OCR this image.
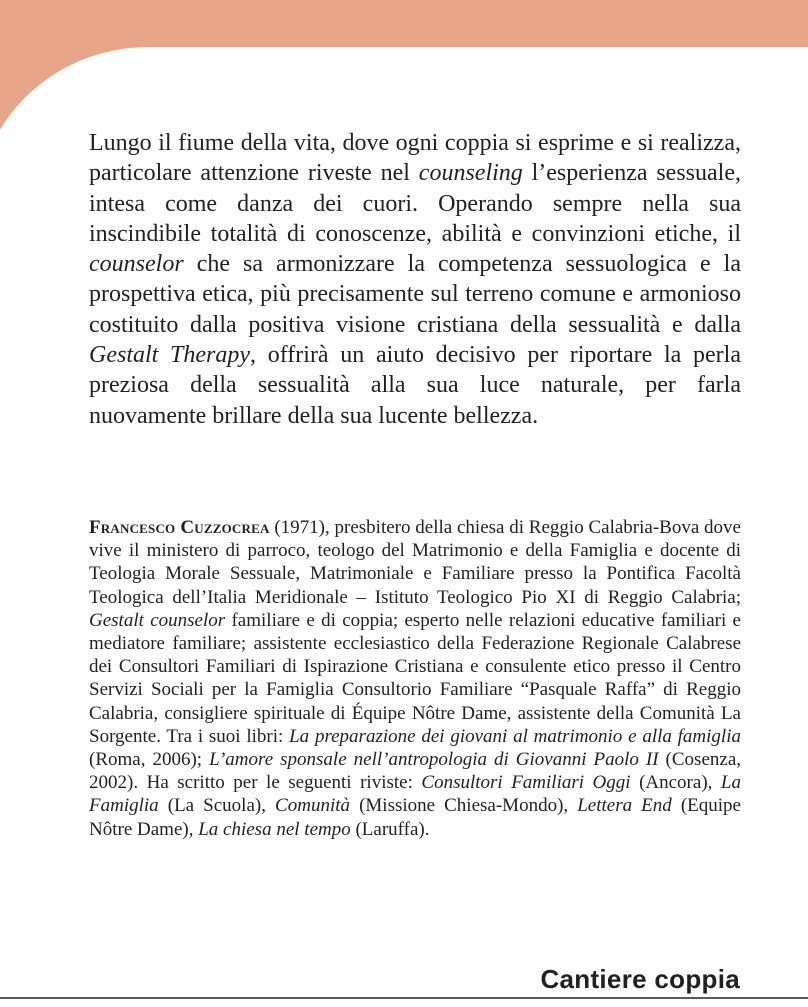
Lungo il fiume della vita, dove ogni coppia si esprime e si realizza, particolare attenzione riveste nel counseling l’esperienza sessuale, intesa come danza dei cuori. Operando sempre nella sua inscindibile totalità di conoscenze, abilità e convinzioni etiche, il counselor che sa armonizzare la competenza sessuologica e la prospettiva etica, più precisamente sul terreno comune e armonioso costituito dalla positiva visione cristiana della sessualità e dalla Gestalt Therapy, offrirà un aiuto decisivo per riportare la perla preziosa della sessualità alla sua luce naturale, per farla nuovamente brillare della sua lucente bellezza.

Francesco Cuzzocrea (1971), presbitero della chiesa di Reggio Calabria-Bova dove vive il ministero di parroco, teologo del Matrimonio e della Famiglia e docente di Teologia Morale Sessuale, Matrimoniale e Familiare presso la Pontifica Facoltà Teologica dell’Italia Meridionale – Istituto Teologico Pio XI di Reggio Calabria; Gestalt counselor familiare e di coppia; esperto nelle relazioni educative familiari e mediatore familiare; assistente ecclesiastico della Federazione Regionale Calabrese dei Consultori Familiari di Ispirazione Cristiana e consulente etico presso il Centro Servizi Sociali per la Famiglia Consultorio Familiare “Pasquale Raffa” di Reggio Calabria, consigliere spirituale di Équipe Nôtre Dame, assistente della Comunità La Sorgente. Tra i suoi libri: La preparazione dei giovani al matrimonio e alla famiglia (Roma, 2006); L’amore sponsale nell’antropologia di Giovanni Paolo II (Cosenza, 2002). Ha scritto per le seguenti riviste: Consultori Familiari Oggi (Ancora), La Famiglia (La Scuola), Comunità (Missione Chiesa-Mondo), Lettera End (Equipe Nôtre Dame), La chiesa nel tempo (Laruffa).

Cantiere coppia
